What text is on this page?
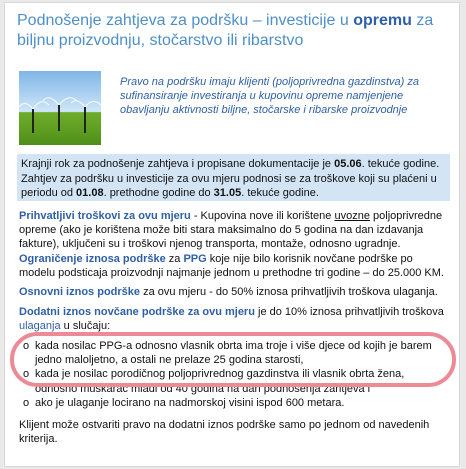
Podnošenje zahtjeva za podršku – investicije u opremu za biljnu proizvodnju, stočarstvo ili ribarstvo
Pravo na podršku imaju klijenti (poljoprivredna gazdinstva) za sufinansiranje investiranja u kupovinu opreme namjenjene obavljanju aktivnosti biljne, stočarske i ribarske proizvodnje
Krajnji rok za podnošenje zahtjeva i propisane dokumentacije je 05.06. tekuće godine. Zahtjev za podršku u investicije za ovu mjeru podnosi se za troškove koji su plaćeni u periodu od 01.08. prethodne godine do 31.05. tekuće godine.
Prihvatljivi troškovi za ovu mjeru - Kupovina nove ili korištene uvozne poljoprivredne opreme (ako je korištena može biti stara maksimalno do 5 godina na dan izdavanja fakture), uključeni su i troškovi njenog transporta, montaže, odnosno ugradnje.
Ograničenje iznosa podrške za PPG koje nije bilo korisnik novčane podrške po modelu podsticaja proizvodnji najmanje jednom u prethodne tri godine – do 25.000 KM.
Osnovni iznos podrške za ovu mjeru - do 50% iznosa prihvatljivih troškova ulaganja.
Dodatni iznos novčane podrške za ovu mjeru je do 10% iznosa prihvatljivih troškova ulaganja u slučaju:
o kada nosilac PPG-a odnosno vlasnik obrta ima troje i više djece od kojih je barem jedno maloljetno, a ostali ne prelaze 25 godina starosti,
o kada je nosilac porodičnog poljoprivrednog gazdinstva ili vlasnik obrta žena, odnosno muškarac mlađi od 40 godina na dan podnošenja zahtjeva i
o ako je ulaganje locirano na nadmorskoj visini ispod 600 metara.
Klijent može ostvariti pravo na dodatni iznos podrške samo po jednom od navedenih kriterija.
